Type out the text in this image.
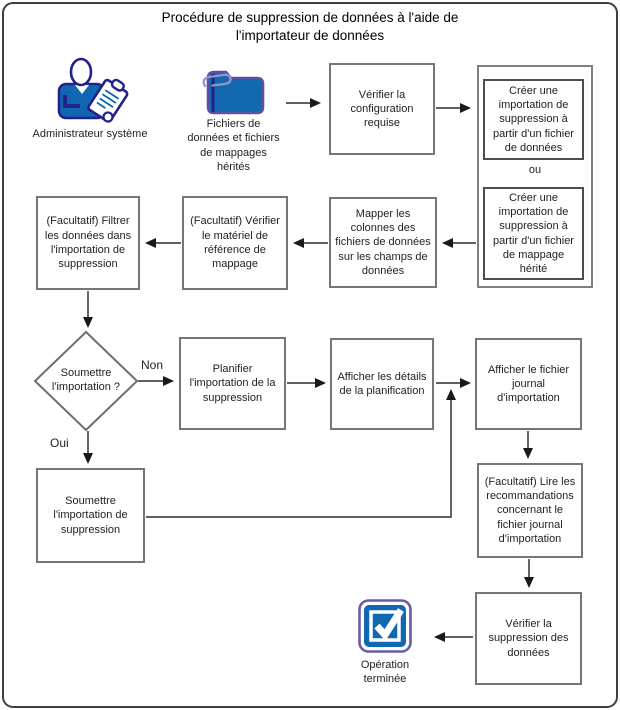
Procédure de suppression de données à l'aide de l'importateur de données
Administrateur système
Fichiers de données et fichiers de mappages hérités
Vérifier la configuration requise
Créer une importation de suppression à partir d'un fichier de données
ou
Créer une importation de suppression à partir d'un fichier de mappage hérité
Mapper les colonnes des fichiers de données sur les champs de données
(Facultatif) Vérifier le matériel de référence de mappage
(Facultatif) Filtrer les données dans l'importation de suppression
Soumettre l'importation ?
Non
Oui
Planifier l'importation de la suppression
Afficher les détails de la planification
Afficher le fichier journal d'importation
Soumettre l'importation de suppression
(Facultatif) Lire les recommandations concernant le fichier journal d'importation
Vérifier la suppression des données
Opération terminée
